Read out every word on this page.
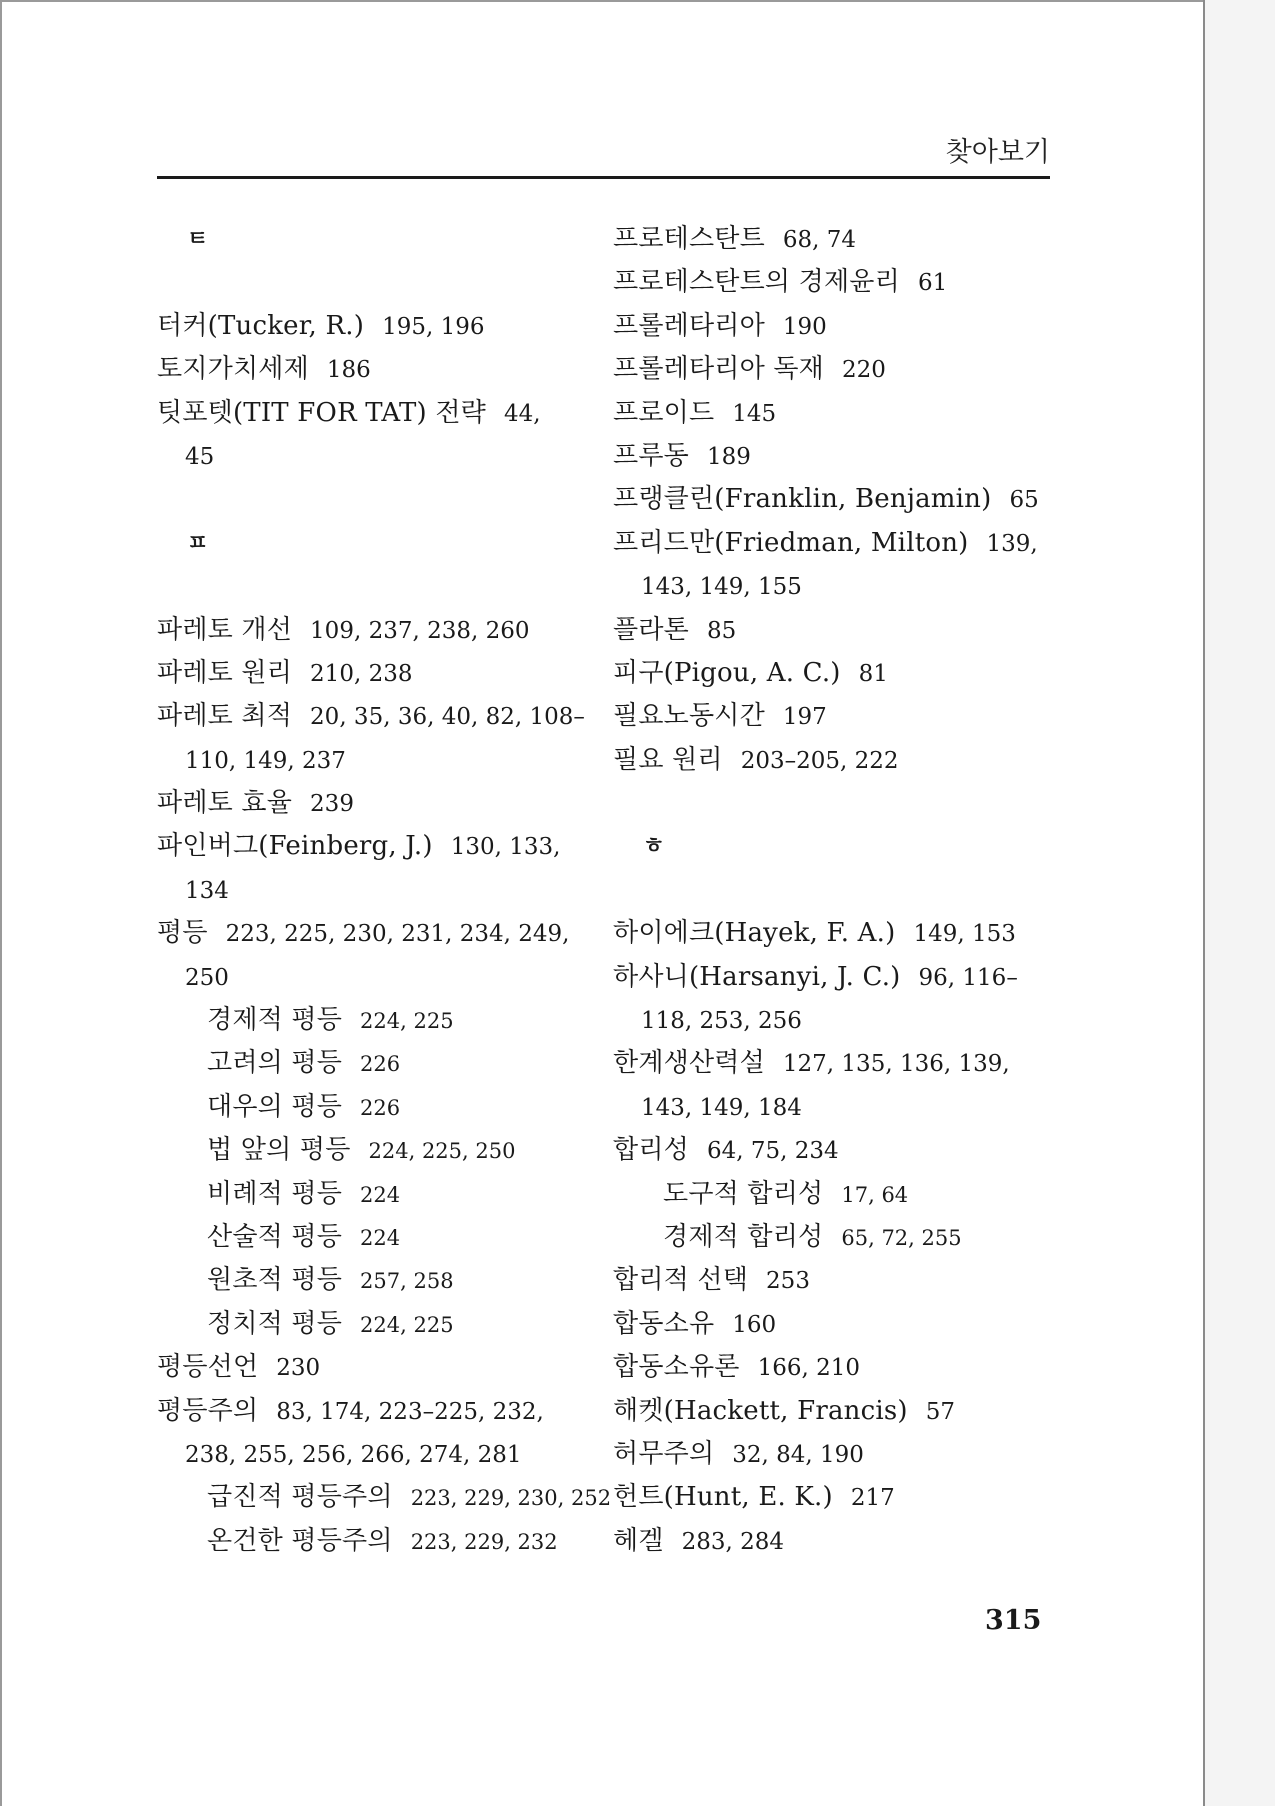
찾아보기
ㅌ
터커(Tucker, R.) 195, 196
토지가치세제 186
팃포텟(TIT FOR TAT) 전략 44,
45
ㅍ
파레토 개선 109, 237, 238, 260
파레토 원리 210, 238
파레토 최적 20, 35, 36, 40, 82, 108–
110, 149, 237
파레토 효율 239
파인버그(Feinberg, J.) 130, 133,
134
평등 223, 225, 230, 231, 234, 249,
250
경제적 평등 224, 225
고려의 평등 226
대우의 평등 226
법 앞의 평등 224, 225, 250
비례적 평등 224
산술적 평등 224
원초적 평등 257, 258
정치적 평등 224, 225
평등선언 230
평등주의 83, 174, 223–225, 232,
238, 255, 256, 266, 274, 281
급진적 평등주의 223, 229, 230, 252
온건한 평등주의 223, 229, 232
프로테스탄트 68, 74
프로테스탄트의 경제윤리 61
프롤레타리아 190
프롤레타리아 독재 220
프로이드 145
프루동 189
프랭클린(Franklin, Benjamin) 65
프리드만(Friedman, Milton) 139,
143, 149, 155
플라톤 85
피구(Pigou, A. C.) 81
필요노동시간 197
필요 원리 203–205, 222
ㅎ
하이에크(Hayek, F. A.) 149, 153
하사니(Harsanyi, J. C.) 96, 116–
118, 253, 256
한계생산력설 127, 135, 136, 139,
143, 149, 184
합리성 64, 75, 234
도구적 합리성 17, 64
경제적 합리성 65, 72, 255
합리적 선택 253
합동소유 160
합동소유론 166, 210
해켓(Hackett, Francis) 57
허무주의 32, 84, 190
헌트(Hunt, E. K.) 217
헤겔 283, 284
315
